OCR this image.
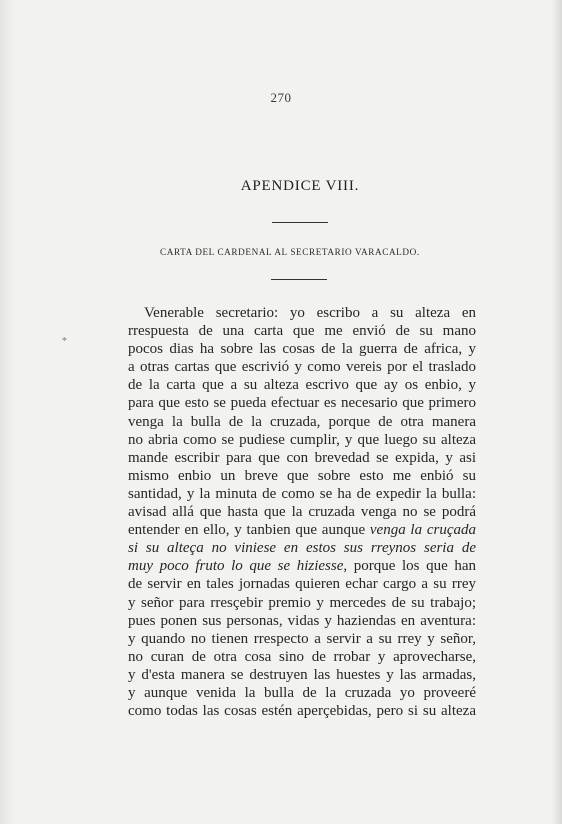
270
APENDICE VIII.
CARTA DEL CARDENAL AL SECRETARIO VARACALDO.
*
Venerable secretario: yo escribo a su alteza en
rrespuesta de una carta que me envió de su mano
pocos dias ha sobre las cosas de la guerra de africa, y
a otras cartas que escrivió y como vereis por el traslado
de la carta que a su alteza escrivo que ay os enbio, y
para que esto se pueda efectuar es necesario que primero
venga la bulla de la cruzada, porque de otra manera
no abria como se pudiese cumplir, y que luego su alteza
mande escribir para que con brevedad se expida, y asi
mismo enbio un breve que sobre esto me enbió su
santidad, y la minuta de como se ha de expedir la bulla:
avisad allá que hasta que la cruzada venga no se podrá
entender en ello, y tanbien que aunque venga la cruçada
si su alteça no viniese en estos sus rreynos seria de
muy poco fruto lo que se hiziesse, porque los que han
de servir en tales jornadas quieren echar cargo a su rrey
y señor para rresçebir premio y mercedes de su trabajo;
pues ponen sus personas, vidas y haziendas en aventura:
y quando no tienen rrespecto a servir a su rrey y señor,
no curan de otra cosa sino de rrobar y aprovecharse,
y d'esta manera se destruyen las huestes y las armadas,
y aunque venida la bulla de la cruzada yo proveeré
como todas las cosas estén aperçebidas, pero si su alteza
